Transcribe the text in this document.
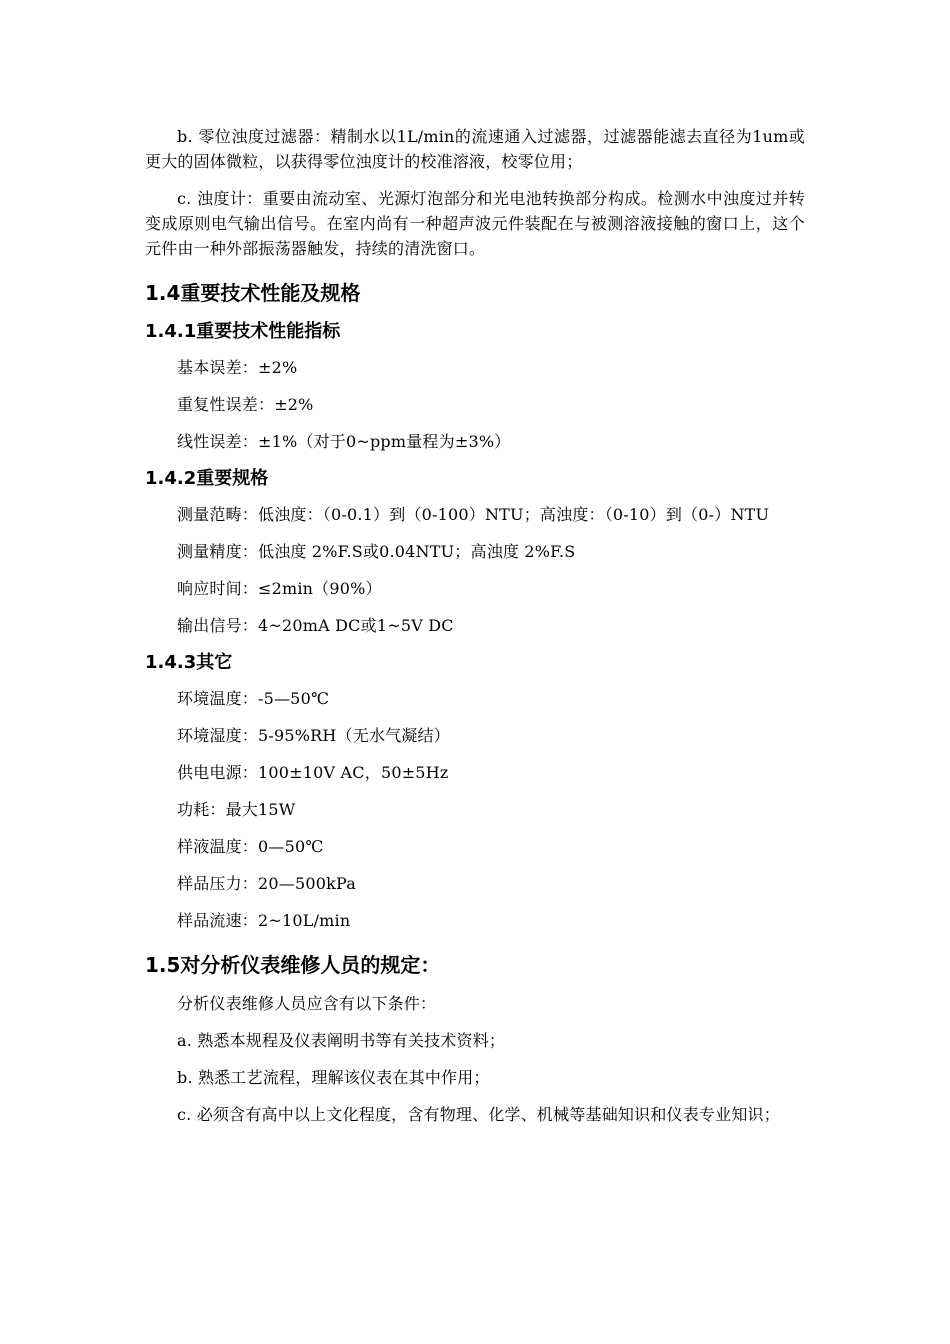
b. 零位浊度过滤器：精制水以1L/min的流速通入过滤器，过滤器能滤去直径为1um或更大的固体微粒，以获得零位浊度计的校准溶液，校零位用；

c. 浊度计：重要由流动室、光源灯泡部分和光电池转换部分构成。检测水中浊度过并转变成原则电气输出信号。在室内尚有一种超声波元件装配在与被测溶液接触的窗口上，这个元件由一种外部振荡器触发，持续的清洗窗口。

1.4重要技术性能及规格
1.4.1重要技术性能指标

基本误差：±2%

重复性误差：±2%

线性误差：±1%（对于0~ppm量程为±3%）

1.4.2重要规格

测量范畴：低浊度：（0-0.1）到（0-100）NTU；高浊度：（0-10）到（0-）NTU

测量精度：低浊度 2%F.S或0.04NTU；高浊度 2%F.S

响应时间：≤2min（90%）

输出信号：4~20mA DC或1~5V DC

1.4.3其它

环境温度：-5—50℃

环境湿度：5-95%RH（无水气凝结）

供电电源：100±10V AC，50±5Hz

功耗：最大15W

样液温度：0—50℃

样品压力：20—500kPa

样品流速：2~10L/min

1.5对分析仪表维修人员的规定：

分析仪表维修人员应含有以下条件：

a. 熟悉本规程及仪表阐明书等有关技术资料；

b. 熟悉工艺流程，理解该仪表在其中作用；

c. 必须含有高中以上文化程度，含有物理、化学、机械等基础知识和仪表专业知识；
